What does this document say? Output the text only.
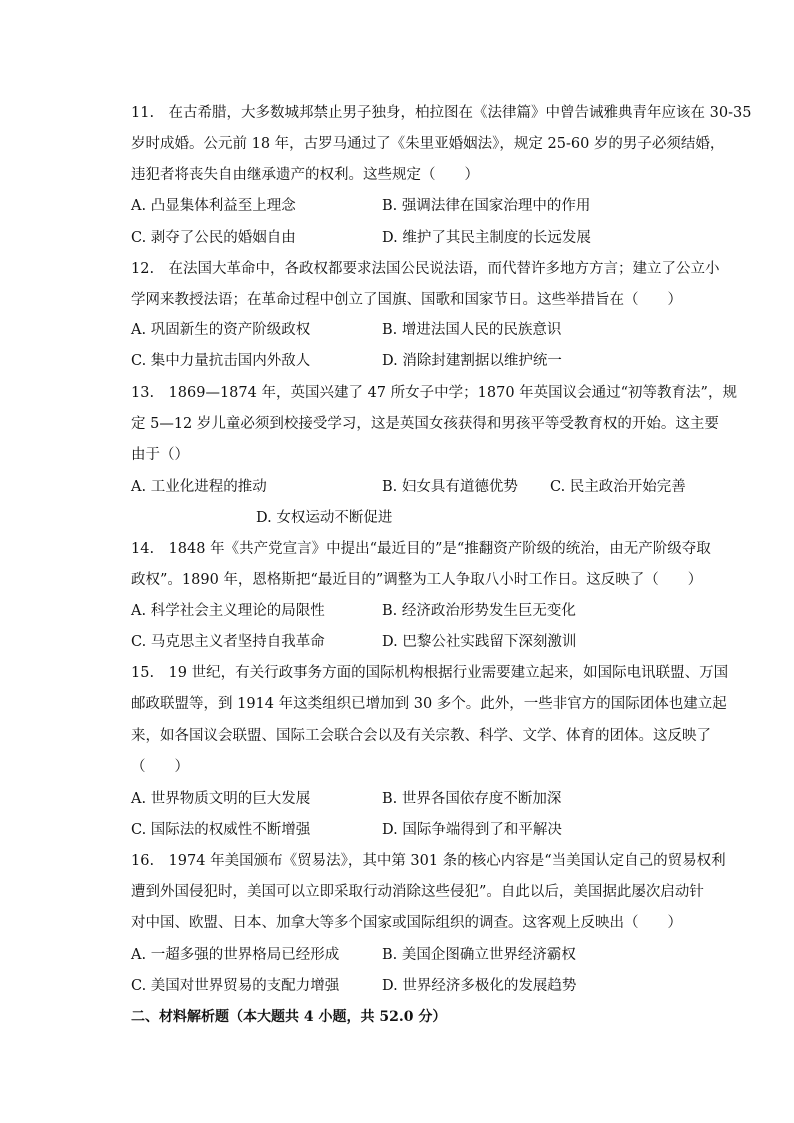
11.　在古希腊，大多数城邦禁止男子独身，柏拉图在《法律篇》中曾告诫雅典青年应该在 30-35
岁时成婚。公元前 18 年，古罗马通过了《朱里亚婚姻法》，规定 25-60 岁的男子必须结婚，
违犯者将丧失自由继承遗产的权利。这些规定（　　）
A. 凸显集体利益至上理念	B. 强调法律在国家治理中的作用
C. 剥夺了公民的婚姻自由	D. 维护了其民主制度的长远发展
12.　在法国大革命中，各政权都要求法国公民说法语，而代替许多地方方言；建立了公立小
学网来教授法语；在革命过程中创立了国旗、国歌和国家节日。这些举措旨在（　　）
A. 巩固新生的资产阶级政权	B. 增进法国人民的民族意识
C. 集中力量抗击国内外敌人	D. 消除封建割据以维护统一
13.　1869—1874 年，英国兴建了 47 所女子中学；1870 年英国议会通过“初等教育法”，规
定 5—12 岁儿童必须到校接受学习，这是英国女孩获得和男孩平等受教育权的开始。这主要
由于（）
A. 工业化进程的推动	B. 妇女具有道德优势 C. 民主政治开始完善
D. 女权运动不断促进
14.　1848 年《共产党宣言》中提出“最近目的”是“推翻资产阶级的统治，由无产阶级夺取
政权”。1890 年，恩格斯把“最近目的”调整为工人争取八小时工作日。这反映了（　　）
A. 科学社会主义理论的局限性	B. 经济政治形势发生巨无变化
C. 马克思主义者坚持自我革命	D. 巴黎公社实践留下深刻激训
15.　19 世纪，有关行政事务方面的国际机构根据行业需要建立起来，如国际电讯联盟、万国
邮政联盟等，到 1914 年这类组织已增加到 30 多个。此外，一些非官方的国际团体也建立起
来，如各国议会联盟、国际工会联合会以及有关宗教、科学、文学、体育的团体。这反映了
（　　）
A. 世界物质文明的巨大发展	B. 世界各国依存度不断加深
C. 国际法的权威性不断增强	D. 国际争端得到了和平解决
16.　1974 年美国颁布《贸易法》，其中第 301 条的核心内容是“当美国认定自己的贸易权利
遭到外国侵犯时，美国可以立即采取行动消除这些侵犯”。自此以后，美国据此屡次启动针
对中国、欧盟、日本、加拿大等多个国家或国际组织的调查。这客观上反映出（　　）
A. 一超多强的世界格局已经形成	B. 美国企图确立世界经济霸权
C. 美国对世界贸易的支配力增强	D. 世界经济多极化的发展趋势
二、材料解析题（本大题共 4 小题，共 52.0 分）
